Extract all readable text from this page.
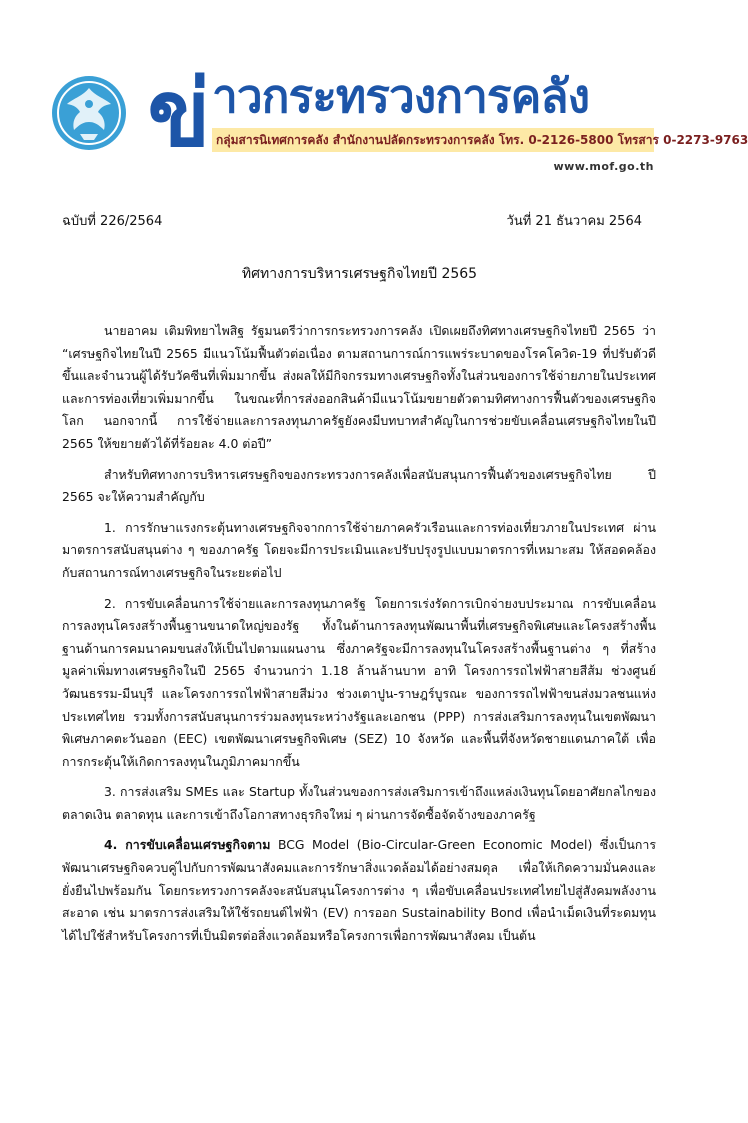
ข่ าวกระทรวงการคลัง
กลุ่มสารนิเทศการคลัง สำนักงานปลัดกระทรวงการคลัง โทร. 0-2126-5800 โทรสาร 0-2273-9763
www.mof.go.th
ฉบับที่ 226/2564	วันที่ 21 ธันวาคม 2564
ทิศทางการบริหารเศรษฐกิจไทยปี 2565

นายอาคม เติมพิทยาไพสิฐ รัฐมนตรีว่าการกระทรวงการคลัง เปิดเผยถึงทิศทางเศรษฐกิจไทยปี 2565 ว่า “เศรษฐกิจไทยในปี 2565 มีแนวโน้มฟื้นตัวต่อเนื่อง ตามสถานการณ์การแพร่ระบาดของโรคโควิด-19 ที่ปรับตัวดีขึ้นและจำนวนผู้ได้รับวัคซีนที่เพิ่มมากขึ้น ส่งผลให้มีกิจกรรมทางเศรษฐกิจทั้งในส่วนของการใช้จ่ายภายในประเทศและการท่องเที่ยวเพิ่มมากขึ้น ในขณะที่การส่งออกสินค้ามีแนวโน้มขยายตัวตามทิศทางการฟื้นตัวของเศรษฐกิจโลก นอกจากนี้ การใช้จ่ายและการลงทุนภาครัฐยังคงมีบทบาทสำคัญในการช่วยขับเคลื่อนเศรษฐกิจไทยในปี 2565 ให้ขยายตัวได้ที่ร้อยละ 4.0 ต่อปี”

สำหรับทิศทางการบริหารเศรษฐกิจของกระทรวงการคลังเพื่อสนับสนุนการฟื้นตัวของเศรษฐกิจไทย ปี 2565 จะให้ความสำคัญกับ

1. การรักษาแรงกระตุ้นทางเศรษฐกิจจากการใช้จ่ายภาคครัวเรือนและการท่องเที่ยวภายในประเทศ ผ่านมาตรการสนับสนุนต่าง ๆ ของภาครัฐ โดยจะมีการประเมินและปรับปรุงรูปแบบมาตรการที่เหมาะสม ให้สอดคล้องกับสถานการณ์ทางเศรษฐกิจในระยะต่อไป

2. การขับเคลื่อนการใช้จ่ายและการลงทุนภาครัฐ โดยการเร่งรัดการเบิกจ่ายงบประมาณ การขับเคลื่อนการลงทุนโครงสร้างพื้นฐานขนาดใหญ่ของรัฐ ทั้งในด้านการลงทุนพัฒนาพื้นที่เศรษฐกิจพิเศษและโครงสร้างพื้นฐานด้านการคมนาคมขนส่งให้เป็นไปตามแผนงาน ซึ่งภาครัฐจะมีการลงทุนในโครงสร้างพื้นฐานต่าง ๆ ที่สร้างมูลค่าเพิ่มทางเศรษฐกิจในปี 2565 จำนวนกว่า 1.18 ล้านล้านบาท อาทิ โครงการรถไฟฟ้าสายสีส้ม ช่วงศูนย์วัฒนธรรม-มีนบุรี และโครงการรถไฟฟ้าสายสีม่วง ช่วงเตาปูน-ราษฎร์บูรณะ ของการรถไฟฟ้าขนส่งมวลชนแห่งประเทศไทย รวมทั้งการสนับสนุนการร่วมลงทุนระหว่างรัฐและเอกชน (PPP) การส่งเสริมการลงทุนในเขตพัฒนาพิเศษภาคตะวันออก (EEC) เขตพัฒนาเศรษฐกิจพิเศษ (SEZ) 10 จังหวัด และพื้นที่จังหวัดชายแดนภาคใต้ เพื่อการกระตุ้นให้เกิดการลงทุนในภูมิภาคมากขึ้น

3. การส่งเสริม SMEs และ Startup ทั้งในส่วนของการส่งเสริมการเข้าถึงแหล่งเงินทุนโดยอาศัยกลไกของตลาดเงิน ตลาดทุน และการเข้าถึงโอกาสทางธุรกิจใหม่ ๆ ผ่านการจัดซื้อจัดจ้างของภาครัฐ

4. การขับเคลื่อนเศรษฐกิจตาม BCG Model (Bio-Circular-Green Economic Model) ซึ่งเป็นการพัฒนาเศรษฐกิจควบคู่ไปกับการพัฒนาสังคมและการรักษาสิ่งแวดล้อมได้อย่างสมดุล เพื่อให้เกิดความมั่นคงและยั่งยืนไปพร้อมกัน โดยกระทรวงการคลังจะสนับสนุนโครงการต่าง ๆ เพื่อขับเคลื่อนประเทศไทยไปสู่สังคมพลังงานสะอาด เช่น มาตรการส่งเสริมให้ใช้รถยนต์ไฟฟ้า (EV) การออก Sustainability Bond เพื่อนำเม็ดเงินที่ระดมทุนได้ไปใช้สำหรับโครงการที่เป็นมิตรต่อสิ่งแวดล้อมหรือโครงการเพื่อการพัฒนาสังคม เป็นต้น
